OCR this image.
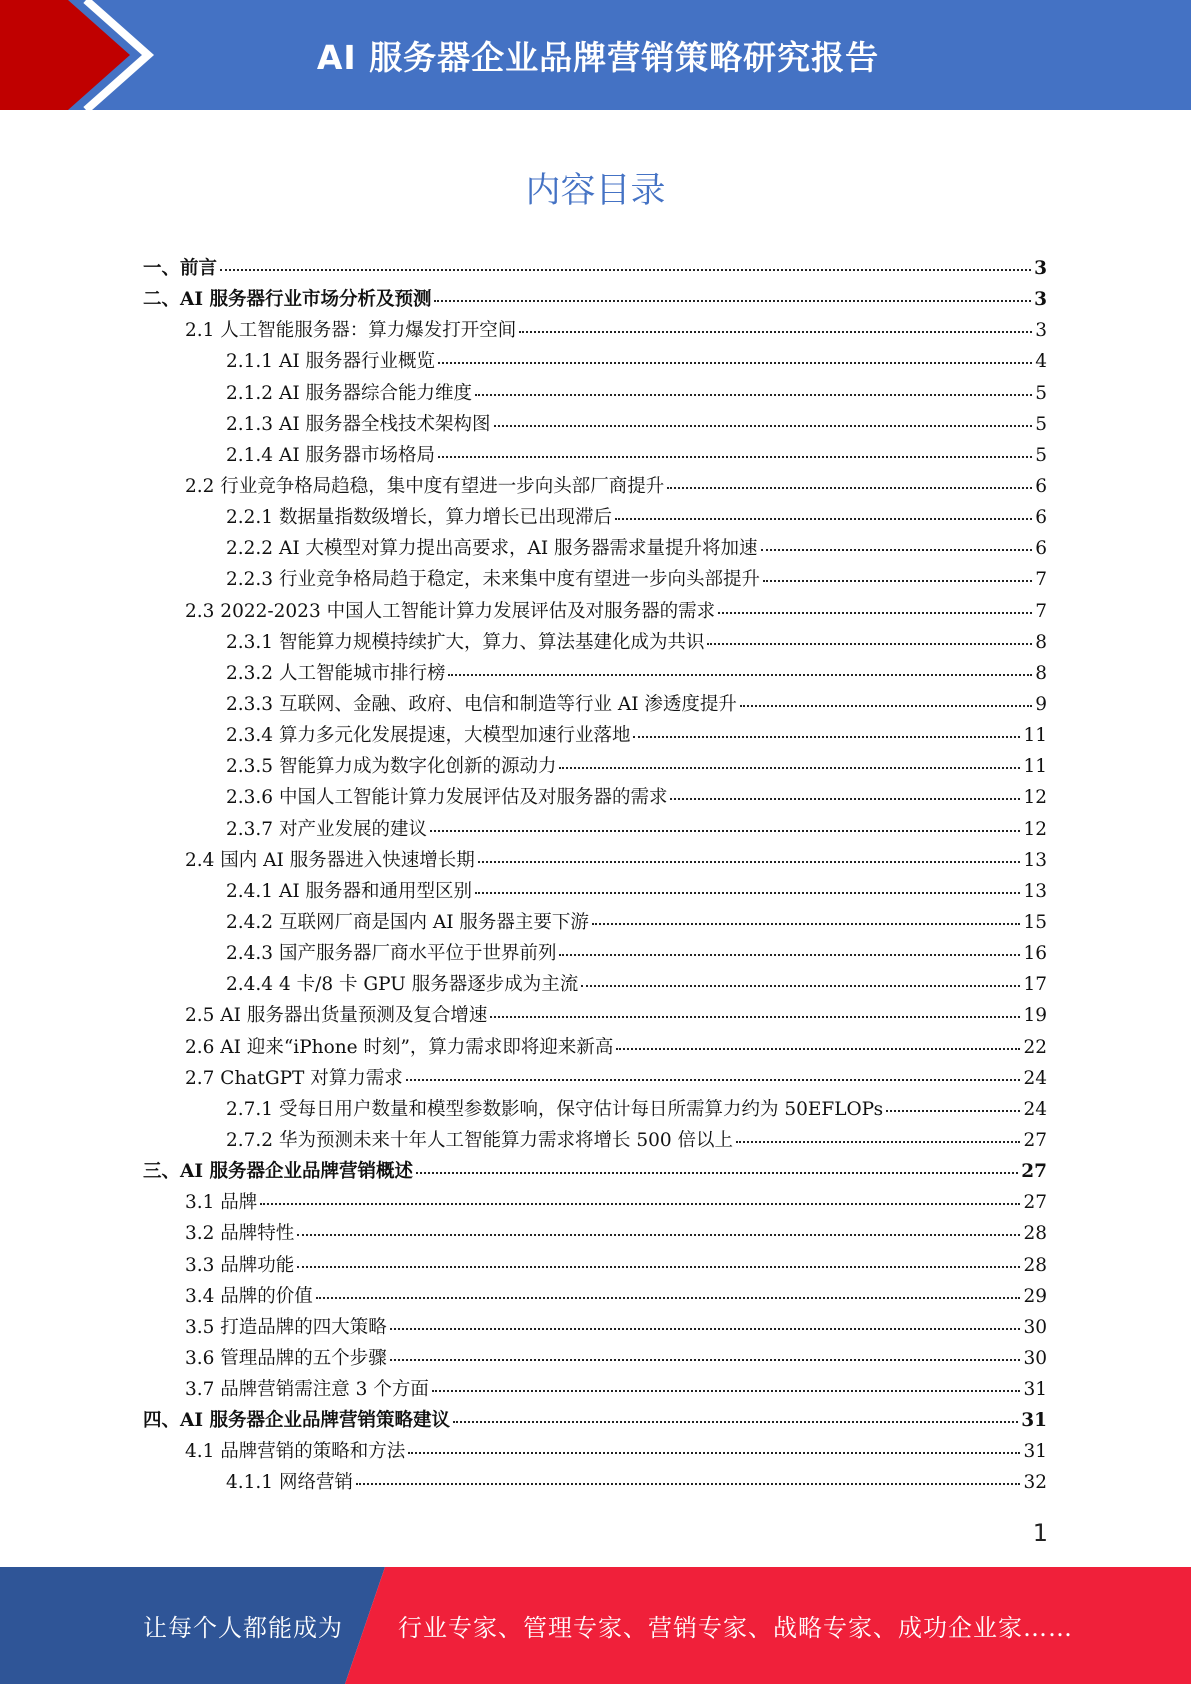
AI 服务器企业品牌营销策略研究报告
内容目录
一、前言	3
二、AI 服务器行业市场分析及预测	3
2.1 人工智能服务器：算力爆发打开空间	3
2.1.1 AI 服务器行业概览	4
2.1.2 AI 服务器综合能力维度	5
2.1.3 AI 服务器全栈技术架构图	5
2.1.4 AI 服务器市场格局	5
2.2 行业竞争格局趋稳，集中度有望进一步向头部厂商提升	6
2.2.1 数据量指数级增长，算力增长已出现滞后	6
2.2.2 AI 大模型对算力提出高要求，AI 服务器需求量提升将加速	6
2.2.3 行业竞争格局趋于稳定，未来集中度有望进一步向头部提升	7
2.3 2022-2023 中国人工智能计算力发展评估及对服务器的需求	7
2.3.1 智能算力规模持续扩大，算力、算法基建化成为共识	8
2.3.2 人工智能城市排行榜	8
2.3.3 互联网、金融、政府、电信和制造等行业 AI 渗透度提升	9
2.3.4 算力多元化发展提速，大模型加速行业落地	11
2.3.5 智能算力成为数字化创新的源动力	11
2.3.6 中国人工智能计算力发展评估及对服务器的需求	12
2.3.7 对产业发展的建议	12
2.4 国内 AI 服务器进入快速增长期	13
2.4.1 AI 服务器和通用型区别	13
2.4.2 互联网厂商是国内 AI 服务器主要下游	15
2.4.3 国产服务器厂商水平位于世界前列	16
2.4.4 4 卡/8 卡 GPU 服务器逐步成为主流	17
2.5 AI 服务器出货量预测及复合增速	19
2.6 AI 迎来“iPhone 时刻”，算力需求即将迎来新高	22
2.7 ChatGPT 对算力需求	24
2.7.1 受每日用户数量和模型参数影响，保守估计每日所需算力约为 50EFLOPs	24
2.7.2 华为预测未来十年人工智能算力需求将增长 500 倍以上	27
三、AI 服务器企业品牌营销概述	27
3.1 品牌	27
3.2 品牌特性	28
3.3 品牌功能	28
3.4 品牌的价值	29
3.5 打造品牌的四大策略	30
3.6 管理品牌的五个步骤	30
3.7 品牌营销需注意 3 个方面	31
四、AI 服务器企业品牌营销策略建议	31
4.1 品牌营销的策略和方法	31
4.1.1 网络营销	32
1
让每个人都能成为 行业专家、管理专家、营销专家、战略专家、成功企业家……
